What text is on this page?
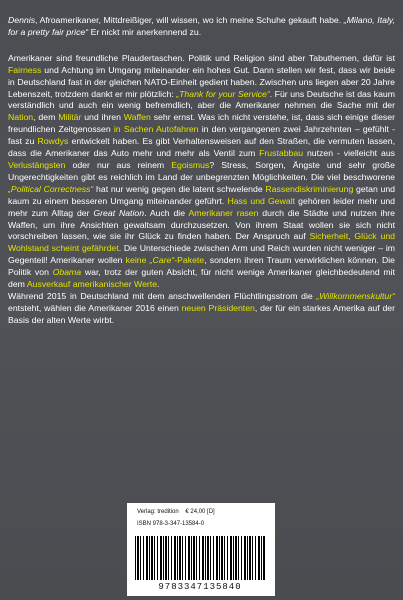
Dennis, Afroamerikaner, Mittdreißiger, will wissen, wo ich meine Schuhe gekauft habe. „Milano, Italy, for a pretty fair price“ Er nickt mir anerkennend zu.

Amerikaner sind freundliche Plaudertaschen. Politik und Religion sind aber Tabuthemen, dafür ist Fairness und Achtung im Umgang miteinander ein hohes Gut. Dann stellen wir fest, dass wir beide in Deutschland fast in der gleichen NATO-Einheit gedient haben. Zwischen uns liegen aber 20 Jahre Lebenszeit, trotzdem dankt er mir plötzlich: „Thank for your Service“. Für uns Deutsche ist das kaum verständlich und auch ein wenig befremdlich, aber die Amerikaner nehmen die Sache mit der Nation, dem Militär und ihren Waffen sehr ernst. Was ich nicht verstehe, ist, dass sich einige dieser freundlichen Zeitgenossen in Sachen Autofahren in den vergangenen zwei Jahrzehnten – gefühlt - fast zu Rowdys entwickelt haben. Es gibt Verhaltensweisen auf den Straßen, die vermuten lassen, dass die Amerikaner das Auto mehr und mehr als Ventil zum Frustabbau nutzen - vielleicht aus Verlustängsten oder nur aus reinem Egoismus? Stress, Sorgen, Ängste und sehr große Ungerechtigkeiten gibt es reichlich im Land der unbegrenzten Möglichkeiten. Die viel beschworene „Political Correctness“ hat nur wenig gegen die latent schwelende Rassendiskriminierung getan und kaum zu einem besseren Umgang miteinander geführt. Hass und Gewalt gehören leider mehr und mehr zum Alltag der Great Nation. Auch die Amerikaner rasen durch die Städte und nutzen ihre Waffen, um ihre Ansichten gewaltsam durchzusetzen. Von ihrem Staat wollen sie sich nicht vorschreiben lassen, wie sie ihr Glück zu finden haben. Der Anspruch auf Sicherheit, Glück und Wohlstand scheint gefährdet. Die Unterschiede zwischen Arm und Reich wurden nicht weniger – im Gegenteil! Amerikaner wollen keine „Care“-Pakete, sondern ihren Traum verwirklichen können. Die Politik von Obama war, trotz der guten Absicht, für nicht wenige Amerikaner gleichbedeutend mit dem Ausverkauf amerikanischer Werte.

Während 2015 in Deutschland mit dem anschwellenden Flüchtlingsstrom die „Willkommenskultur“ entsteht, wählen die Amerikaner 2016 einen neuen Präsidenten, der für ein starkes Amerika auf der Basis der alten Werte wirbt.

Verlag: tredition € 24,00 [D]
ISBN 978-3-347-13584-0
9783347135840
